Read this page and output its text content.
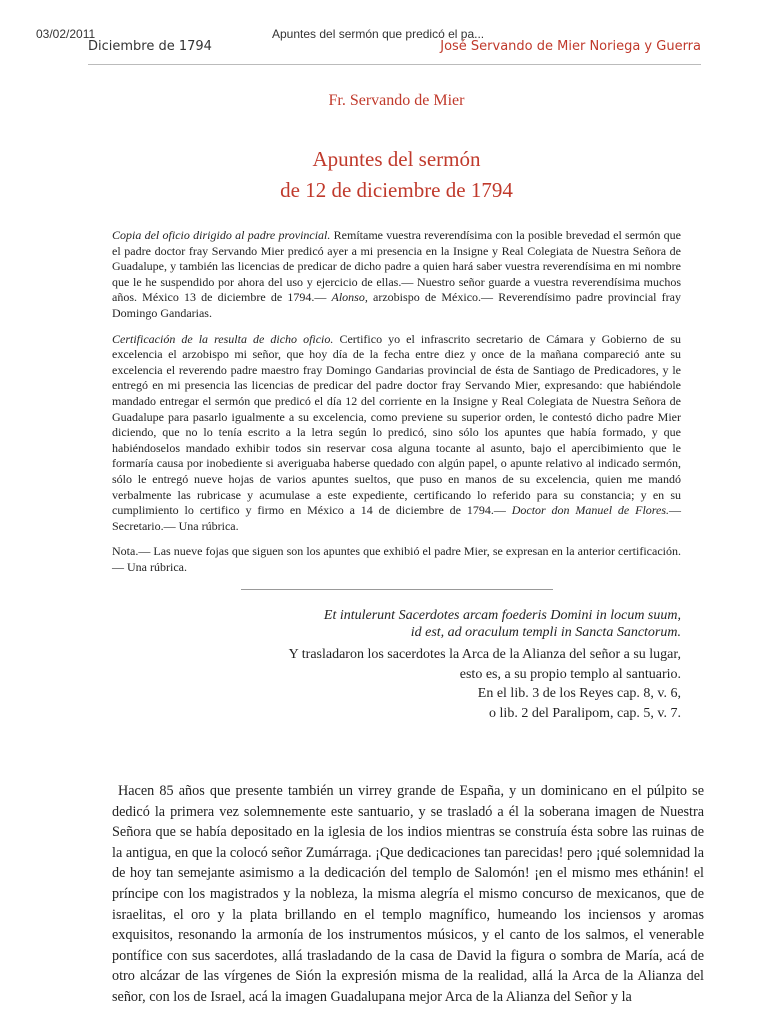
03/02/2011	Apuntes del sermón que predicó el pa...
Diciembre de 1794	José Servando de Mier Noriega y Guerra

Fr. Servando de Mier

Apuntes del sermón
de 12 de diciembre de 1794

Copia del oficio dirigido al padre provincial. Remítame vuestra reverendísima con la posible brevedad el sermón que el padre doctor fray Servando Mier predicó ayer a mi presencia en la Insigne y Real Colegiata de Nuestra Señora de Guadalupe, y también las licencias de predicar de dicho padre a quien hará saber vuestra reverendísima en mi nombre que le he suspendido por ahora del uso y ejercicio de ellas.— Nuestro señor guarde a vuestra reverendísima muchos años. México 13 de diciembre de 1794.— Alonso, arzobispo de México.— Reverendísimo padre provincial fray Domingo Gandarias.

Certificación de la resulta de dicho oficio. Certifico yo el infrascrito secretario de Cámara y Gobierno de su excelencia el arzobispo mi señor, que hoy día de la fecha entre diez y once de la mañana compareció ante su excelencia el reverendo padre maestro fray Domingo Gandarias provincial de ésta de Santiago de Predicadores, y le entregó en mi presencia las licencias de predicar del padre doctor fray Servando Mier, expresando: que habiéndole mandado entregar el sermón que predicó el día 12 del corriente en la Insigne y Real Colegiata de Nuestra Señora de Guadalupe para pasarlo igualmente a su excelencia, como previene su superior orden, le contestó dicho padre Mier diciendo, que no lo tenía escrito a la letra según lo predicó, sino sólo los apuntes que había formado, y que habiéndoselos mandado exhibir todos sin reservar cosa alguna tocante al asunto, bajo el apercibimiento que le formaría causa por inobediente si averiguaba haberse quedado con algún papel, o apunte relativo al indicado sermón, sólo le entregó nueve hojas de varios apuntes sueltos, que puso en manos de su excelencia, quien me mandó verbalmente las rubricase y acumulase a este expediente, certificando lo referido para su constancia; y en su cumplimiento lo certifico y firmo en México a 14 de diciembre de 1794.— Doctor don Manuel de Flores.— Secretario.— Una rúbrica.

Nota.— Las nueve fojas que siguen son los apuntes que exhibió el padre Mier, se expresan en la anterior certificación.— Una rúbrica.

Et intulerunt Sacerdotes arcam foederis Domini in locum suum,
id est, ad oraculum templi in Sancta Sanctorum.

Y trasladaron los sacerdotes la Arca de la Alianza del señor a su lugar,
esto es, a su propio templo al santuario.
En el lib. 3 de los Reyes cap. 8, v. 6,
o lib. 2 del Paralipom, cap. 5, v. 7.

Hacen 85 años que presente también un virrey grande de España, y un dominicano en el púlpito se dedicó la primera vez solemnemente este santuario, y se trasladó a él la soberana imagen de Nuestra Señora que se había depositado en la iglesia de los indios mientras se construía ésta sobre las ruinas de la antigua, en que la colocó señor Zumárraga. ¡Que dedicaciones tan parecidas! pero ¡qué solemnidad la de hoy tan semejante asimismo a la dedicación del templo de Salomón! ¡en el mismo mes ethánin! el príncipe con los magistrados y la nobleza, la misma alegría el mismo concurso de mexicanos, que de israelitas, el oro y la plata brillando en el templo magnífico, humeando los inciensos y aromas exquisitos, resonando la armonía de los instrumentos músicos, y el canto de los salmos, el venerable pontífice con sus sacerdotes, allá trasladando de la casa de David la figura o sombra de María, acá de otro alcázar de las vírgenes de Sión la expresión misma de la realidad, allá la Arca de la Alianza del señor, con los de Israel, acá la imagen Guadalupana mejor Arca de la Alianza del Señor y la
